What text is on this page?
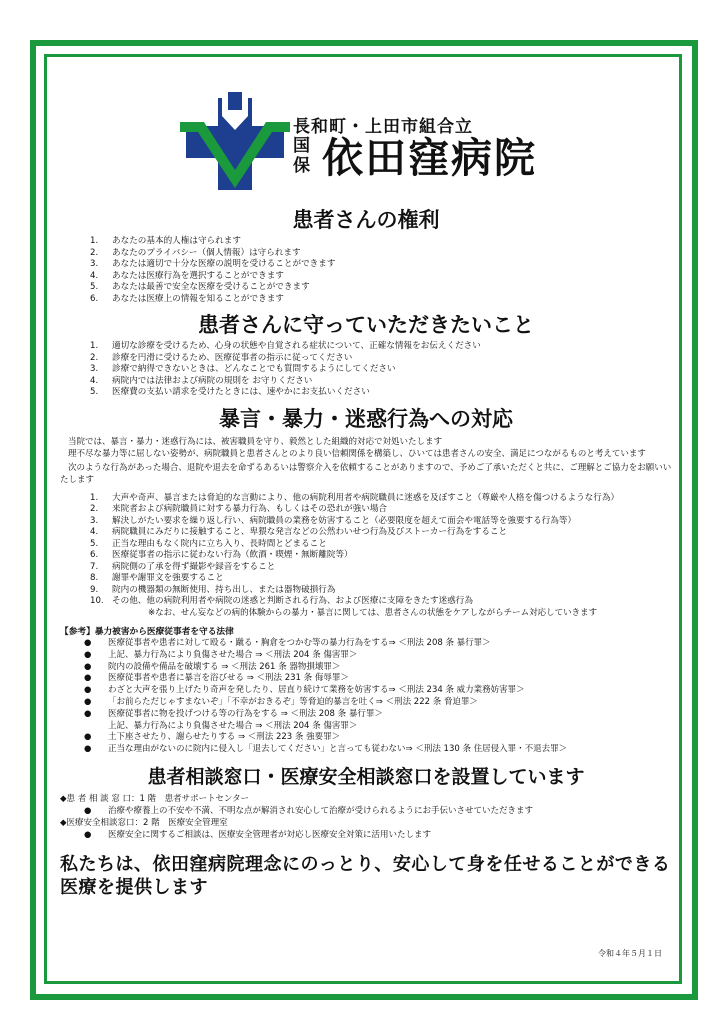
長和町・上田市組合立
国保 依田窪病院
患者さんの権利
1. あなたの基本的人権は守られます
2. あなたのプライバシー（個人情報）は守られます
3. あなたは適切で十分な医療の説明を受けることができます
4. あなたは医療行為を選択することができます
5. あなたは最善で安全な医療を受けることができます
6. あなたは医療上の情報を知ることができます
患者さんに守っていただきたいこと
1. 適切な診療を受けるため、心身の状態や自覚される症状について、正確な情報をお伝えください
2. 診療を円滑に受けるため、医療従事者の指示に従ってください
3. 診療で納得できないときは、どんなことでも質問するようにしてください
4. 病院内では法律および病院の規則を お守りください
5. 医療費の支払い請求を受けたときには、速やかにお支払いください
暴言・暴力・迷惑行為への対応

当院では、暴言・暴力・迷惑行為には、被害職員を守り、毅然とした組織的対応で対処いたします

理不尽な暴力等に屈しない姿勢が、病院職員と患者さんとのより良い信頼関係を構築し、ひいては患者さんの安全、満足につながるものと考えています

次のような行為があった場合、退院や退去を命ずるあるいは警察介入を依頼することがありますので、予めご了承いただくと共に、ご理解とご協力をお願いいたします

1. 大声や奇声、暴言または脅迫的な言動により、他の病院利用者や病院職員に迷惑を及ぼすこと（尊厳や人格を傷つけるような行為）
2. 来院者および病院職員に対する暴力行為、もしくはその恐れが強い場合
3. 解決しがたい要求を繰り返し行い、病院職員の業務を妨害すること（必要限度を超えて面会や電話等を強要する行為等）
4. 病院職員にみだりに接触すること、卑猥な発言などの公然わいせつ行為及びストーカー行為をすること
5. 正当な理由もなく院内に立ち入り、長時間とどまること
6. 医療従事者の指示に従わない行為（飲酒・喫煙・無断離院等）
7. 病院側の了承を得ず撮影や録音をすること
8. 謝罪や謝罪文を強要すること
9. 院内の機器類の無断使用、持ち出し、または器物破損行為
10. その他、他の病院利用者や病院の迷惑と判断される行為、および医療に支障をきたす迷惑行為
※なお、せん妄などの病的体験からの暴力・暴言に関しては、患者さんの状態をケアしながらチーム対応していきます
【参考】暴力被害から医療従事者を守る法律
● 医療従事者や患者に対して殴る・蹴る・胸倉をつかむ等の暴力行為をする⇒ ＜刑法 208 条 暴行罪＞
● 上記、暴力行為により負傷させた場合 ⇒ ＜刑法 204 条 傷害罪＞
● 院内の設備や備品を破壊する ⇒ ＜刑法 261 条 器物損壊罪＞
● 医療従事者や患者に暴言を浴びせる ⇒ ＜刑法 231 条 侮辱罪＞
● わざと大声を張り上げたり奇声を発したり、居直り続けて業務を妨害する⇒ ＜刑法 234 条 威力業務妨害罪＞
● 「お前らただじゃすまないぞ」「不幸がおきるぞ」等脅迫的暴言を吐く⇒ ＜刑法 222 条 脅迫罪＞
● 医療従事者に物を投げつける等の行為をする ⇒ ＜刑法 208 条 暴行罪＞
上記、暴力行為により負傷させた場合 ⇒ ＜刑法 204 条 傷害罪＞
● 土下座させたり、謝らせたりする ⇒ ＜刑法 223 条 強要罪＞
● 正当な理由がないのに院内に侵入し「退去してください」と言っても従わない⇒ ＜刑法 130 条 住居侵入罪・不退去罪＞
患者相談窓口・医療安全相談窓口を設置しています
◆患 者 相 談 窓 口：1 階　患者サポートセンター
● 治療や療養上の不安や不満、不明な点が解消され安心して治療が受けられるようにお手伝いさせていただきます
◆医療安全相談窓口：2 階　医療安全管理室
● 医療安全に関するご相談は、医療安全管理者が対応し医療安全対策に活用いたします
私たちは、依田窪病院理念にのっとり、安心して身を任せることができる医療を提供します
令和４年５月１日
